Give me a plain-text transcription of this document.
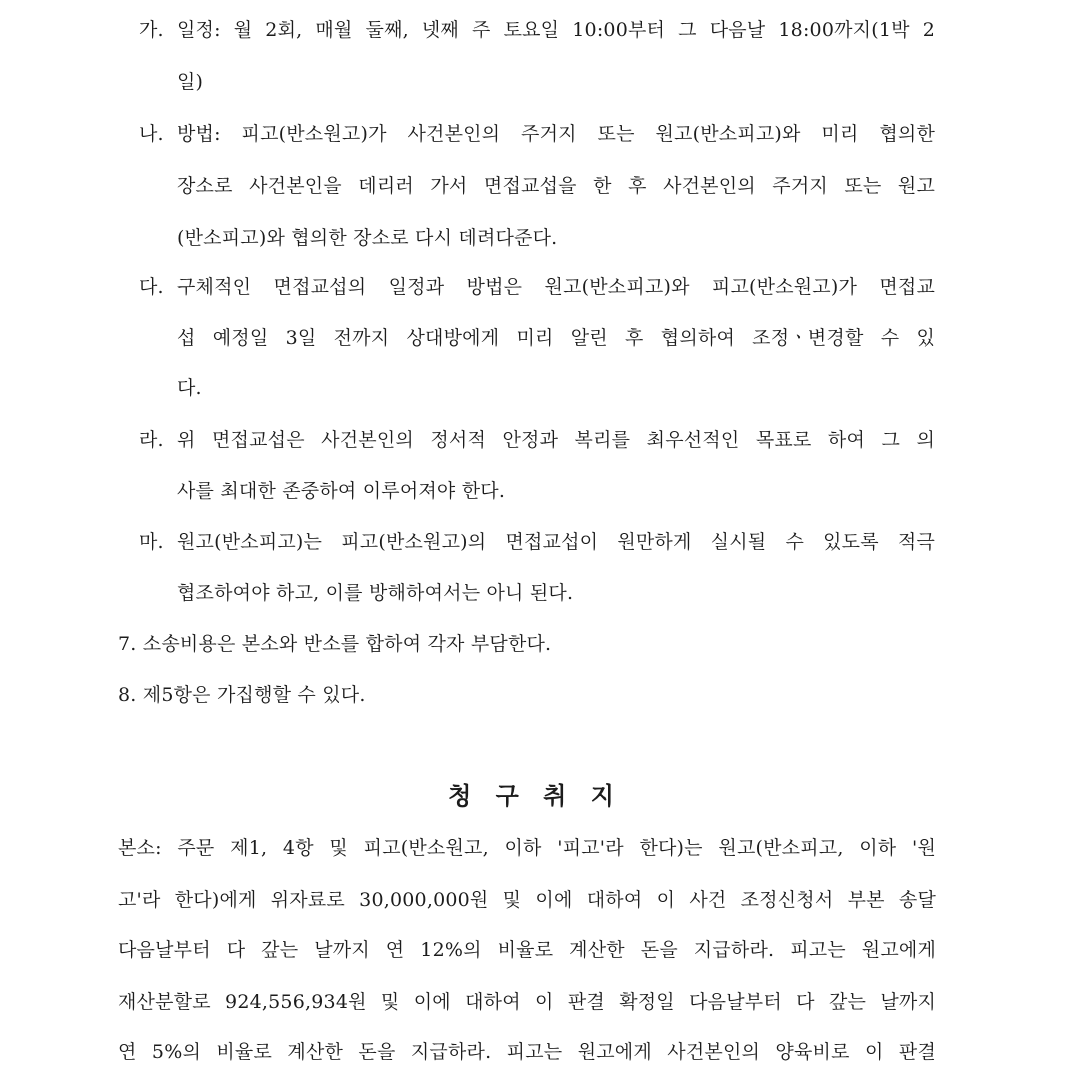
가. 일정: 월 2회, 매월 둘째, 넷째 주 토요일 10:00부터 그 다음날 18:00까지(1박 2
일)
나. 방법: 피고(반소원고)가 사건본인의 주거지 또는 원고(반소피고)와 미리 협의한
장소로 사건본인을 데리러 가서 면접교섭을 한 후 사건본인의 주거지 또는 원고
(반소피고)와 협의한 장소로 다시 데려다준다.
다. 구체적인 면접교섭의 일정과 방법은 원고(반소피고)와 피고(반소원고)가 면접교
섭 예정일 3일 전까지 상대방에게 미리 알린 후 협의하여 조정ㆍ변경할 수 있
다.
라. 위 면접교섭은 사건본인의 정서적 안정과 복리를 최우선적인 목표로 하여 그 의
사를 최대한 존중하여 이루어져야 한다.
마. 원고(반소피고)는 피고(반소원고)의 면접교섭이 원만하게 실시될 수 있도록 적극
협조하여야 하고, 이를 방해하여서는 아니 된다.
7. 소송비용은 본소와 반소를 합하여 각자 부담한다.
8. 제5항은 가집행할 수 있다.
청 구 취 지
본소: 주문 제1, 4항 및 피고(반소원고, 이하 '피고'라 한다)는 원고(반소피고, 이하 '원
고'라 한다)에게 위자료로 30,000,000원 및 이에 대하여 이 사건 조정신청서 부본 송달
다음날부터 다 갚는 날까지 연 12%의 비율로 계산한 돈을 지급하라. 피고는 원고에게
재산분할로 924,556,934원 및 이에 대하여 이 판결 확정일 다음날부터 다 갚는 날까지
연 5%의 비율로 계산한 돈을 지급하라. 피고는 원고에게 사건본인의 양육비로 이 판결
